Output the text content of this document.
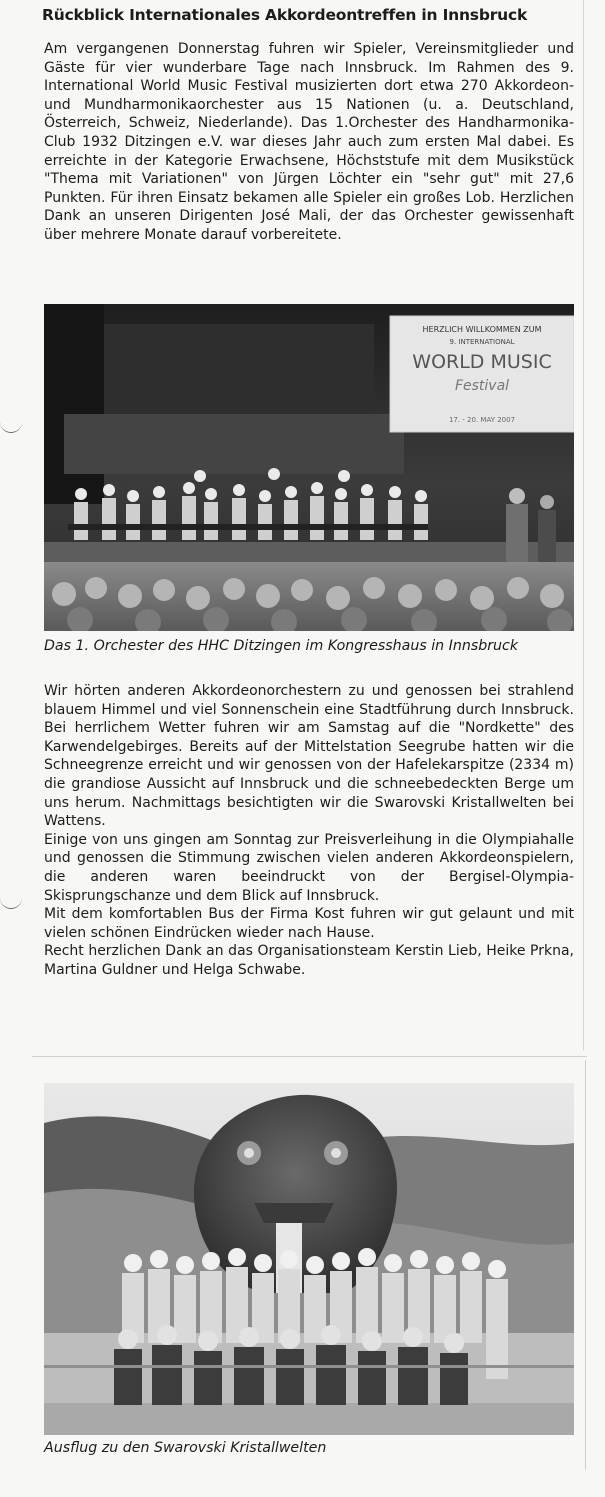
Rückblick Internationales Akkordeontreffen in Innsbruck

Am vergangenen Donnerstag fuhren wir Spieler, Vereinsmitglieder und Gäste für vier wunderbare Tage nach Innsbruck. Im Rahmen des 9. International World Music Festival musizierten dort etwa 270 Akkordeon- und Mundharmonikaorchester aus 15 Nationen (u. a. Deutschland, Österreich, Schweiz, Niederlande). Das 1.Orchester des Handharmonika-Club 1932 Ditzingen e.V. war dieses Jahr auch zum ersten Mal dabei. Es erreichte in der Kategorie Erwachsene, Höchststufe mit dem Musikstück "Thema mit Variationen" von Jürgen Löchter ein "sehr gut" mit 27,6 Punkten. Für ihren Einsatz bekamen alle Spieler ein großes Lob. Herzlichen Dank an unseren Dirigenten José Mali, der das Orchester gewissenhaft über mehrere Monate darauf vorbereitete.

HERZLICH WILLKOMMEN ZUM
9. INTERNATIONAL
WORLD MUSIC
Festival
17. - 20. MAY 2007
Das 1. Orchester des HHC Ditzingen im Kongresshaus in Innsbruck
Wir hörten anderen Akkordeonorchestern zu und genossen bei strahlend blauem Himmel und viel Sonnenschein eine Stadtführung durch Innsbruck. Bei herrlichem Wetter fuhren wir am Samstag auf die "Nordkette" des Karwendelgebirges. Bereits auf der Mittelstation Seegrube hatten wir die Schneegrenze erreicht und wir genossen von der Hafelekarspitze (2334 m) die grandiose Aussicht auf Innsbruck und die schneebedeckten Berge um uns herum. Nachmittags besichtigten wir die Swarovski Kristallwelten bei Wattens.
Einige von uns gingen am Sonntag zur Preisverleihung in die Olympiahalle und genossen die Stimmung zwischen vielen anderen Akkordeonspielern, die anderen waren beeindruckt von der Bergisel-Olympia-Skisprungschanze und dem Blick auf Innsbruck.
Mit dem komfortablen Bus der Firma Kost fuhren wir gut gelaunt und mit vielen schönen Eindrücken wieder nach Hause.
Recht herzlichen Dank an das Organisationsteam Kerstin Lieb, Heike Prkna, Martina Guldner und Helga Schwabe.
Ausflug zu den Swarovski Kristallwelten
